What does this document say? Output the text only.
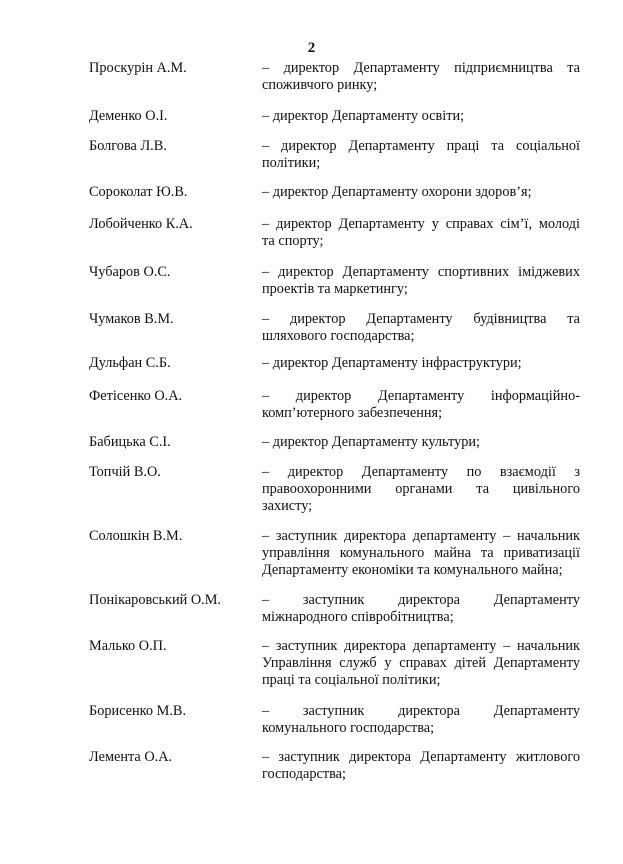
2
Проскурін А.М.	– директор Департаменту підприємництва та
споживчого ринку;
Деменко О.І.	– директор Департаменту освіти;
Болгова Л.В.	– директор Департаменту праці та соціальної
політики;
Сороколат Ю.В.	– директор Департаменту охорони здоров’я;
Лобойченко К.А.	– директор Департаменту у справах сім’ї, молоді
та спорту;
Чубаров О.С.	– директор Департаменту спортивних іміджевих
проектів та маркетингу;
Чумаков В.М.	– директор Департаменту будівництва та
шляхового господарства;
Дульфан С.Б.	– директор Департаменту інфраструктури;
Фетісенко О.А.	– директор Департаменту інформаційно-
комп’ютерного забезпечення;
Бабицька С.І.	– директор Департаменту культури;
Топчій В.О.	– директор Департаменту по взаємодії з
правоохоронними органами та цивільного
захисту;
Солошкін В.М.	– заступник директора департаменту – начальник
управління комунального майна та приватизації
Департаменту економіки та комунального майна;
Понікаровський О.М.	– заступник директора Департаменту
міжнародного співробітництва;
Малько О.П.	– заступник директора департаменту – начальник
Управління служб у справах дітей Департаменту
праці та соціальної політики;
Борисенко М.В.	– заступник директора Департаменту
комунального господарства;
Лемента О.А.	– заступник директора Департаменту житлового
господарства;
